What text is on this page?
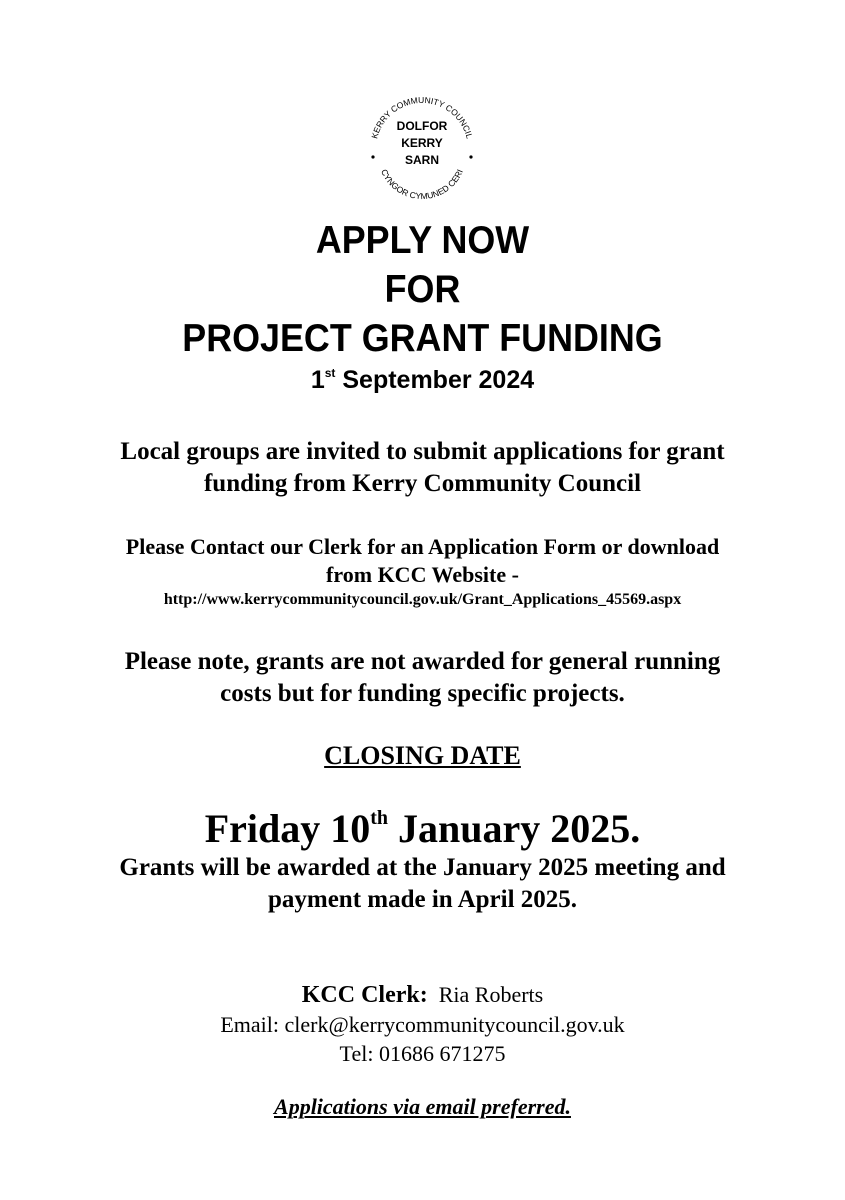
KERRY COMMUNITY COUNCIL
CYNGOR CYMUNED CERI
DOLFOR
KERRY
SARN
APPLY NOW
FOR
PROJECT GRANT FUNDING
1st September 2024
Local groups are invited to submit applications for grant
funding from Kerry Community Council
Please Contact our Clerk for an Application Form or download
from KCC Website -
http://www.kerrycommunitycouncil.gov.uk/Grant_Applications_45569.aspx
Please note, grants are not awarded for general running
costs but for funding specific projects.
CLOSING DATE
Friday 10th January 2025.
Grants will be awarded at the January 2025 meeting and
payment made in April 2025.
KCC Clerk: Ria Roberts
Email: clerk@kerrycommunitycouncil.gov.uk
Tel: 01686 671275
Applications via email preferred.
